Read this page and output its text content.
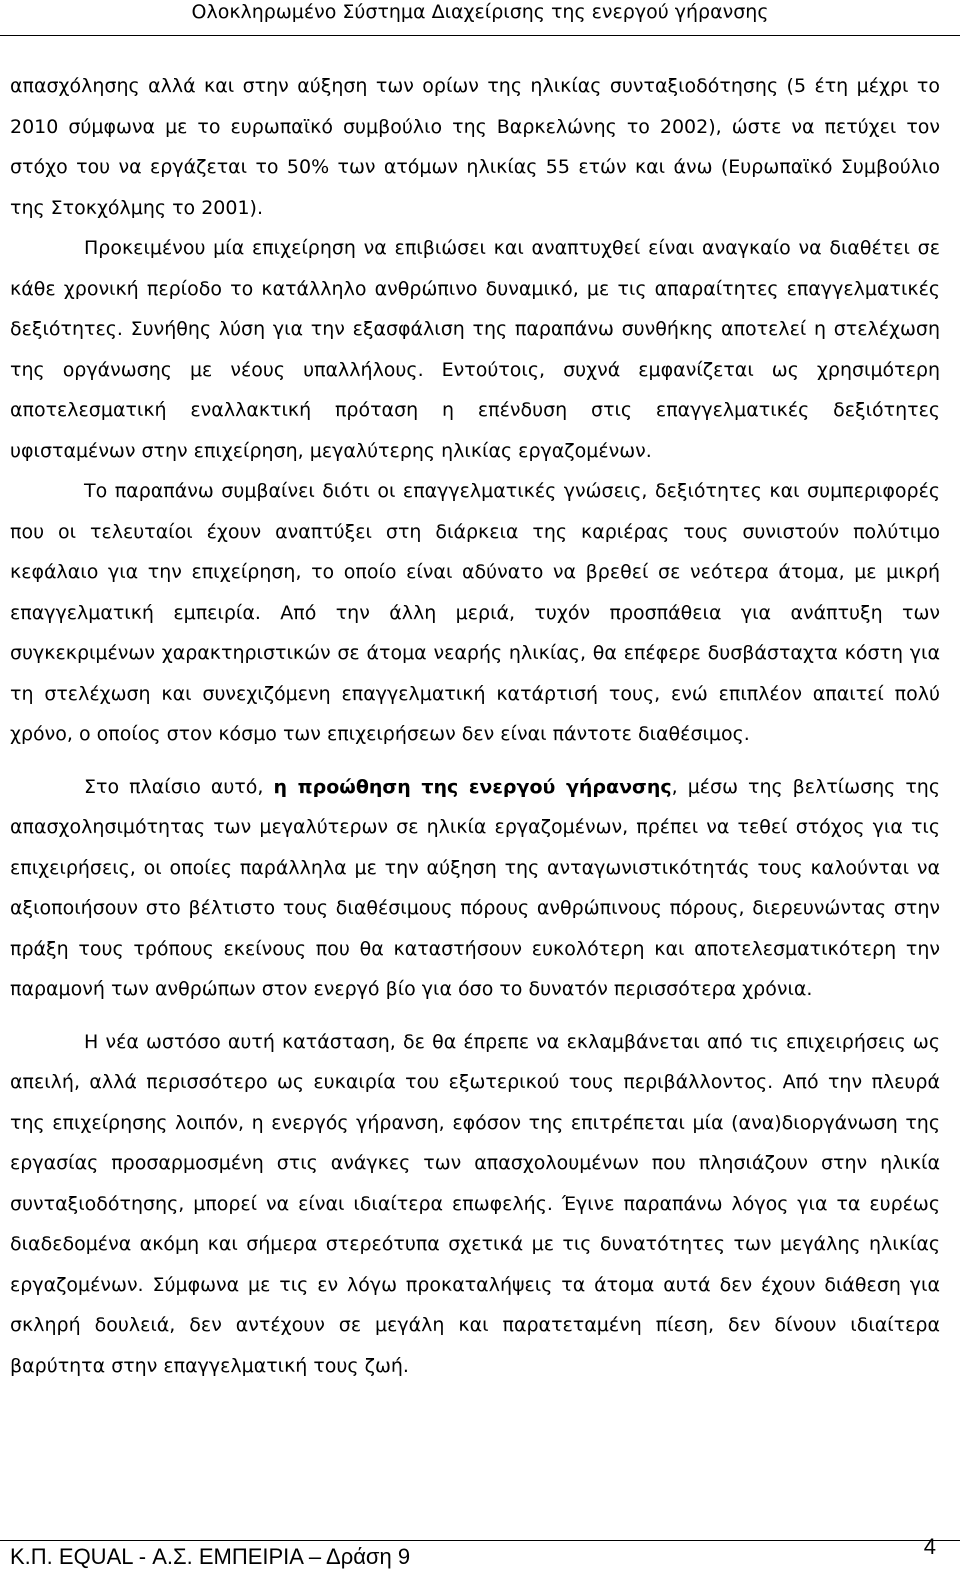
Ολοκληρωμένο Σύστημα Διαχείρισης της ενεργού γήρανσης

απασχόλησης αλλά και στην αύξηση των ορίων της ηλικίας συνταξιοδότησης (5 έτη μέχρι το 2010 σύμφωνα με το ευρωπαϊκό συμβούλιο της Βαρκελώνης το 2002), ώστε να πετύχει τον στόχο του να εργάζεται το 50% των ατόμων ηλικίας 55 ετών και άνω (Ευρωπαϊκό Συμβούλιο της Στοκχόλμης το 2001).

Προκειμένου μία επιχείρηση να επιβιώσει και αναπτυχθεί είναι αναγκαίο να διαθέτει σε κάθε χρονική περίοδο το κατάλληλο ανθρώπινο δυναμικό, με τις απαραίτητες επαγγελματικές δεξιότητες. Συνήθης λύση για την εξασφάλιση της παραπάνω συνθήκης αποτελεί η στελέχωση της οργάνωσης με νέους υπαλλήλους. Εντούτοις, συχνά εμφανίζεται ως χρησιμότερη αποτελεσματική εναλλακτική πρόταση η επένδυση στις επαγγελματικές δεξιότητες υφισταμένων στην επιχείρηση, μεγαλύτερης ηλικίας εργαζομένων.

Το παραπάνω συμβαίνει διότι οι επαγγελματικές γνώσεις, δεξιότητες και συμπεριφορές που οι τελευταίοι έχουν αναπτύξει στη διάρκεια της καριέρας τους συνιστούν πολύτιμο κεφάλαιο για την επιχείρηση, το οποίο είναι αδύνατο να βρεθεί σε νεότερα άτομα, με μικρή επαγγελματική εμπειρία. Από την άλλη μεριά, τυχόν προσπάθεια για ανάπτυξη των συγκεκριμένων χαρακτηριστικών σε άτομα νεαρής ηλικίας, θα επέφερε δυσβάσταχτα κόστη για τη στελέχωση και συνεχιζόμενη επαγγελματική κατάρτισή τους, ενώ επιπλέον απαιτεί πολύ χρόνο, ο οποίος στον κόσμο των επιχειρήσεων δεν είναι πάντοτε διαθέσιμος.

Στο πλαίσιο αυτό, η προώθηση της ενεργού γήρανσης, μέσω της βελτίωσης της απασχολησιμότητας των μεγαλύτερων σε ηλικία εργαζομένων, πρέπει να τεθεί στόχος για τις επιχειρήσεις, οι οποίες παράλληλα με την αύξηση της ανταγωνιστικότητάς τους καλούνται να αξιοποιήσουν στο βέλτιστο τους διαθέσιμους πόρους ανθρώπινους πόρους, διερευνώντας στην πράξη τους τρόπους εκείνους που θα καταστήσουν ευκολότερη και αποτελεσματικότερη την παραμονή των ανθρώπων στον ενεργό βίο για όσο το δυνατόν περισσότερα χρόνια.

Η νέα ωστόσο αυτή κατάσταση, δε θα έπρεπε να εκλαμβάνεται από τις επιχειρήσεις ως απειλή, αλλά περισσότερο ως ευκαιρία του εξωτερικού τους περιβάλλοντος. Από την πλευρά της επιχείρησης λοιπόν, η ενεργός γήρανση, εφόσον της επιτρέπεται μία (ανα)διοργάνωση της εργασίας προσαρμοσμένη στις ανάγκες των απασχολουμένων που πλησιάζουν στην ηλικία συνταξιοδότησης, μπορεί να είναι ιδιαίτερα επωφελής. Έγινε παραπάνω λόγος για τα ευρέως διαδεδομένα ακόμη και σήμερα στερεότυπα σχετικά με τις δυνατότητες των μεγάλης ηλικίας εργαζομένων. Σύμφωνα με τις εν λόγω προκαταλήψεις τα άτομα αυτά δεν έχουν διάθεση για σκληρή δουλειά, δεν αντέχουν σε μεγάλη και παρατεταμένη πίεση, δεν δίνουν ιδιαίτερα βαρύτητα στην επαγγελματική τους ζωή.

Κ.Π. EQUAL - Α.Σ. ΕΜΠΕΙΡΙΑ – Δράση 9	4
